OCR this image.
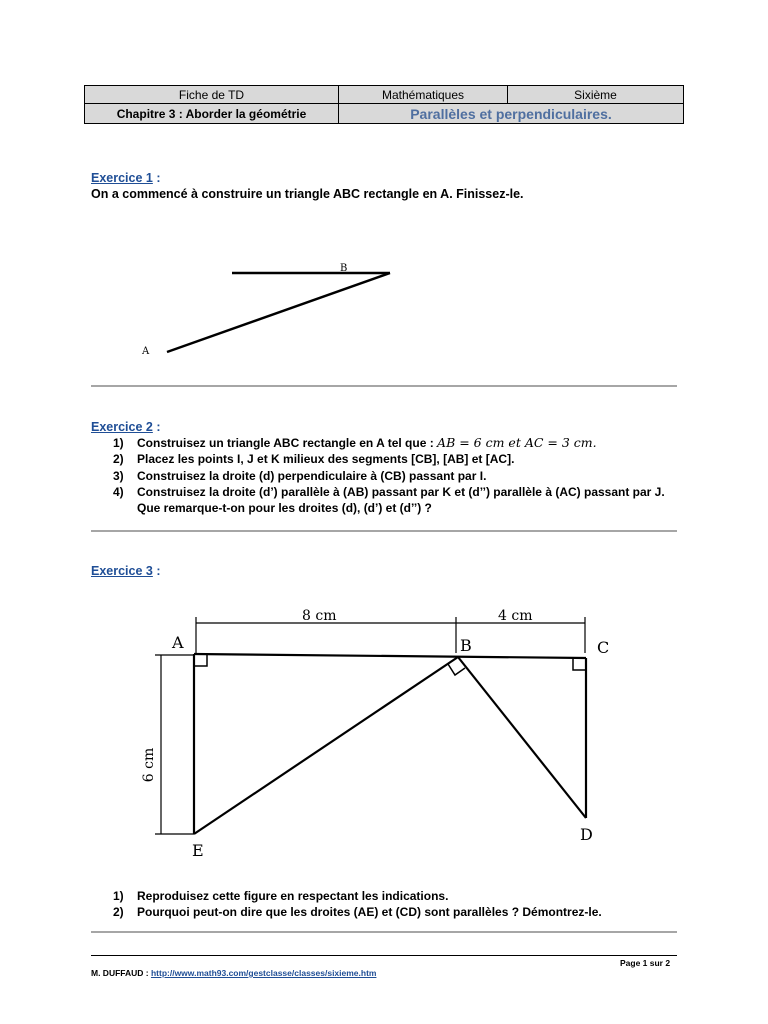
Fiche de TD	Mathématiques	Sixième
Chapitre 3 : Aborder la géométrie	Parallèles et perpendiculaires.	
Exercice 1 :
On a commencé à construire un triangle ABC rectangle en A. Finissez-le.
B
A
Exercice 2 :
1) Construisez un triangle ABC rectangle en A tel que : AB = 6 cm et AC = 3 cm.
2) Placez les points I, J et K milieux des segments [CB], [AB] et [AC].
3) Construisez la droite (d) perpendiculaire à (CB) passant par I.
4) Construisez la droite (d’) parallèle à (AB) passant par K et (d’’) parallèle à (AC) passant par J.
Que remarque-t-on pour les droites (d), (d’) et (d’’) ?
Exercice 3 :
A	B	C
D
E
8 cm	4 cm
6 cm
1) Reproduisez cette figure en respectant les indications.
2) Pourquoi peut-on dire que les droites (AE) et (CD) sont parallèles ? Démontrez-le.
Page 1 sur 2
M. DUFFAUD : http://www.math93.com/gestclasse/classes/sixieme.htm
